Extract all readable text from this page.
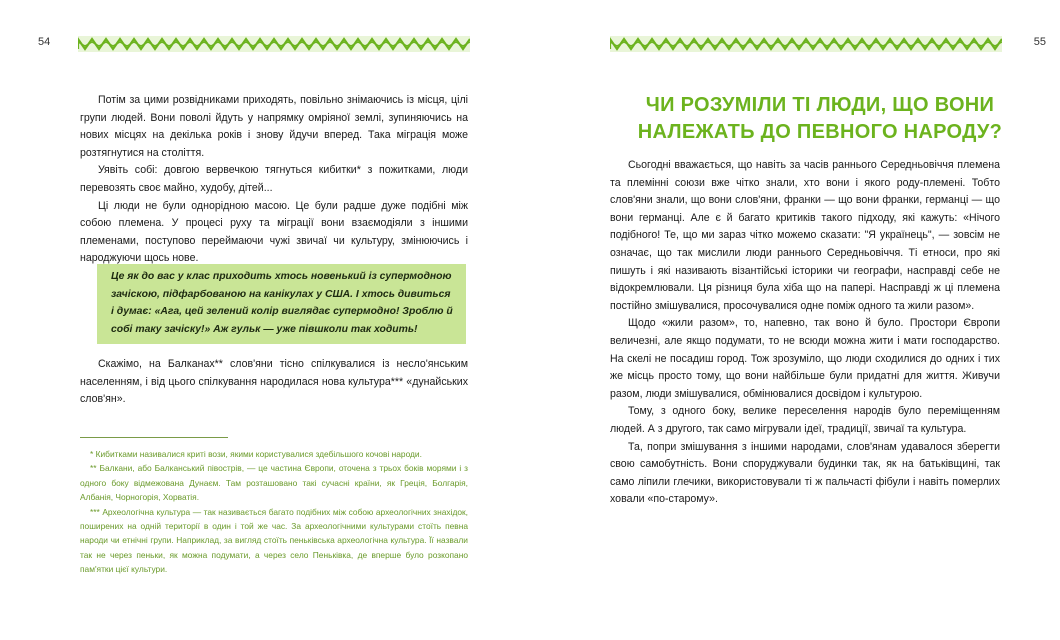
54

Потім за цими розвідниками приходять, повільно знімаючись із місця, цілі групи людей. Вони поволі йдуть у напрямку омріяної землі, зупиняючись на нових місцях на декілька років і знову йдучи вперед. Така міграція може розтягнутися на століття.

Уявіть собі: довгою вервечкою тягнуться кибитки* з пожитками, люди перевозять своє майно, худобу, дітей...

Ці люди не були однорідною масою. Це були радше дуже подібні між собою племена. У процесі руху та міграції вони взаємодіяли з іншими племенами, поступово переймаючи чужі звичаї чи культуру, змінюючись і народжуючи щось нове.

Це як до вас у клас приходить хтось новенький із супермодною зачіскою, підфарбованою на канікулах у США. І хтось дивиться і думає: «Ага, цей зелений колір виглядає супермодно! Зроблю й собі таку зачіску!» Аж гульк — уже півшколи так ходить!

Скажімо, на Балканах** слов'яни тісно спілкувалися із несло'янським населенням, і від цього спілкування народилася нова культура*** «дунайських слов'ян».

* Кибитками називалися криті вози, якими користувалися здебільшого кочові народи.

** Балкани, або Балканський півострів, — це частина Європи, оточена з трьох боків морями і з одного боку відмежована Дунаєм. Там розташовано такі сучасні країни, як Греція, Болгарія, Албанія, Чорногорія, Хорватія.

*** Археологічна культура — так називається багато подібних між собою археологічних знахідок, поширених на одній території в один і той же час. За археологічними культурами стоїть певна народи чи етнічні групи. Наприклад, за вигляд стоїть пеньківська археологічна культура. Її назвали так не через пеньки, як можна подумати, а через село Пеньківка, де вперше було розкопано пам'ятки цієї культури.

55
ЧИ РОЗУМІЛИ ТІ ЛЮДИ, ЩО ВОНИ НАЛЕЖАТЬ ДО ПЕВНОГО НАРОДУ?

Сьогодні вважається, що навіть за часів раннього Середньовіччя племена та племінні союзи вже чітко знали, хто вони і якого роду-племені. Тобто слов'яни знали, що вони слов'яни, франки — що вони франки, германці — що вони германці. Але є й багато критиків такого підходу, які кажуть: «Нічого подібного! Те, що ми зараз чітко можемо сказати: "Я українець", — зовсім не означає, що так мислили люди раннього Середньовіччя. Ті етноси, про які пишуть і які називають візантійські історики чи географи, насправді себе не відокремлювали. Ця різниця була хіба що на папері. Насправді ж ці племена постійно змішувалися, просочувалися одне поміж одного та жили разом».

Щодо «жили разом», то, напевно, так воно й було. Простори Європи величезні, але якщо подумати, то не всюди можна жити і мати господарство. На скелі не посадиш город. Тож зрозуміло, що люди сходилися до одних і тих же місць просто тому, що вони найбільше були придатні для життя. Живучи разом, люди змішувалися, обмінювалися досвідом і культурою.

Тому, з одного боку, велике переселення народів було переміщенням людей. А з другого, так само мігрували ідеї, традиції, звичаї та культура.

Та, попри змішування з іншими народами, слов'янам удавалося зберегти свою самобутність. Вони споруджували будинки так, як на батьківщині, так само ліпили глечики, використовували ті ж пальчасті фібули і навіть померлих ховали «по-старому».
